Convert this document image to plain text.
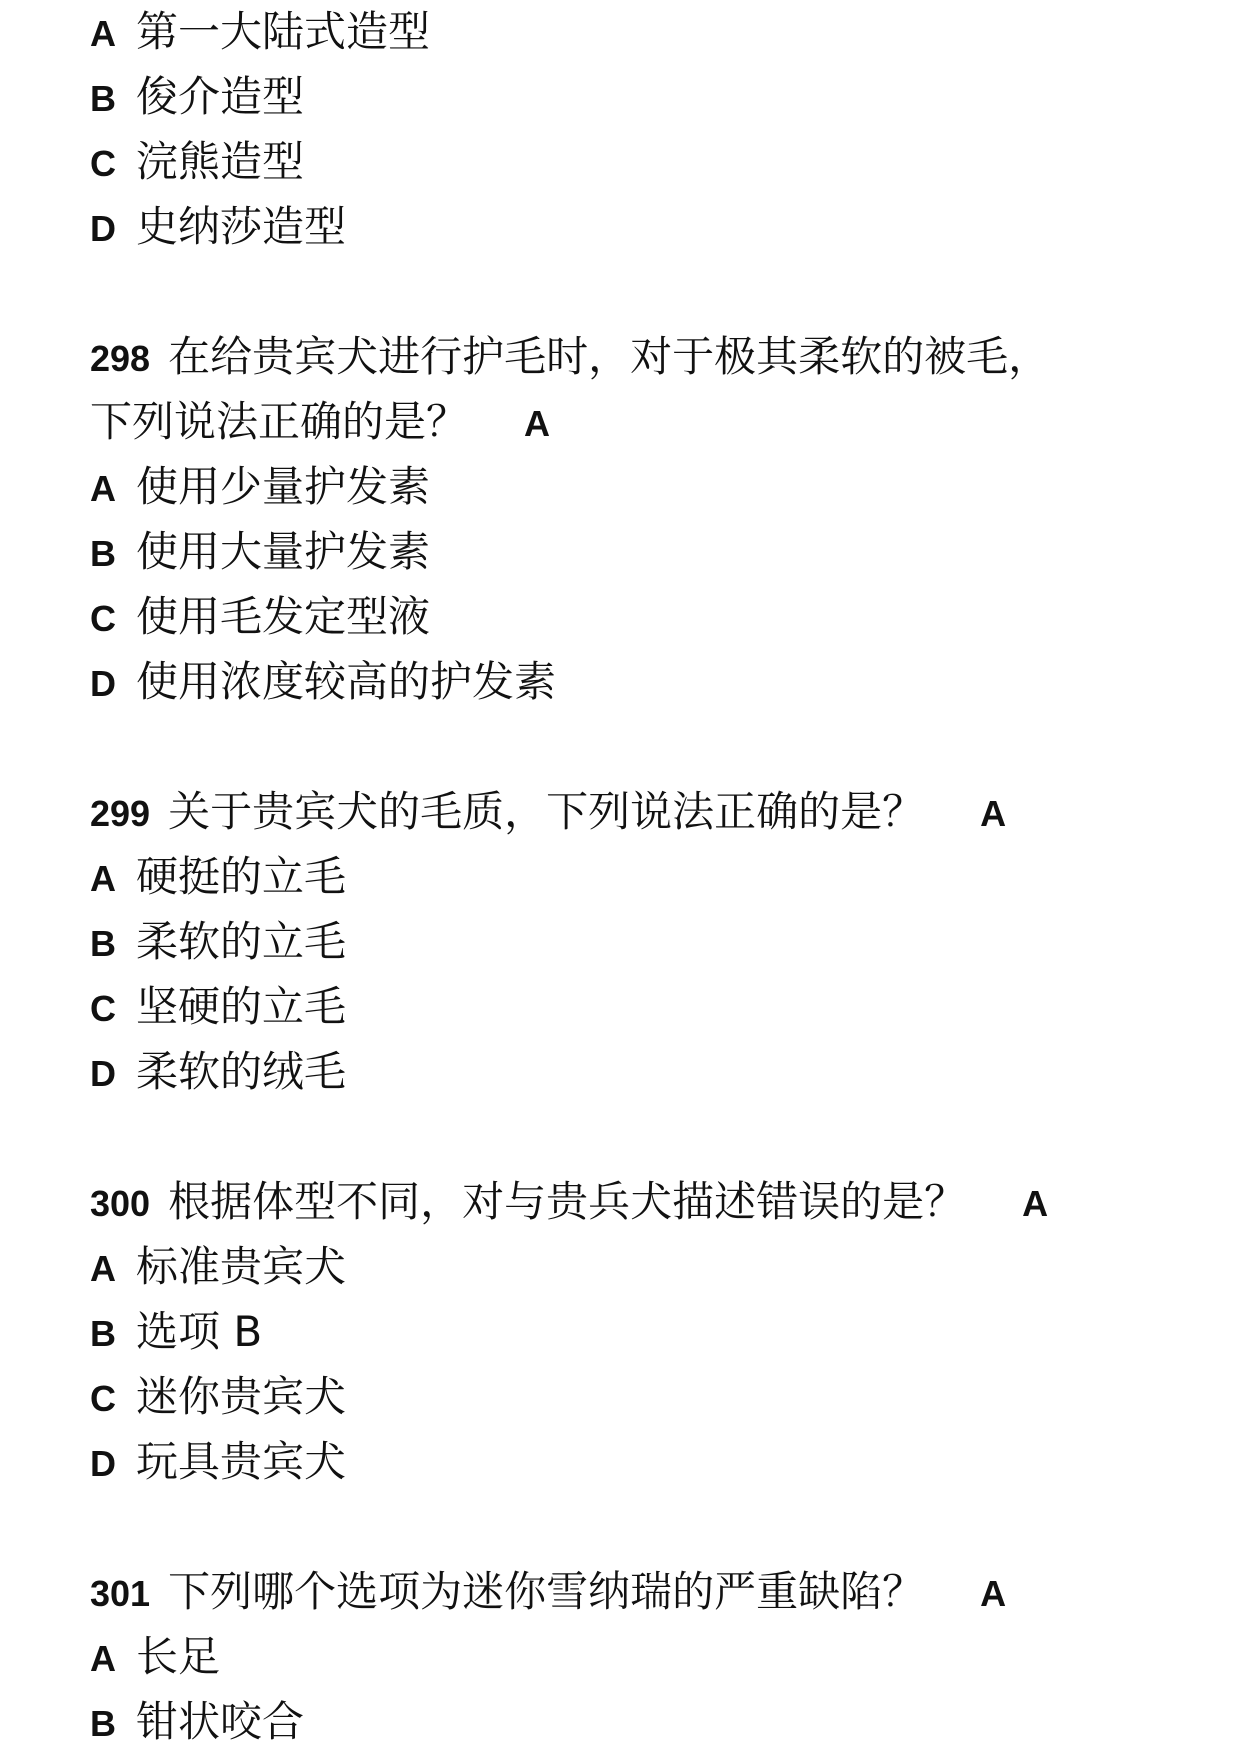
A 第一大陆式造型
B 俊介造型
C 浣熊造型
D 史纳莎造型
298 在给贵宾犬进行护毛时，对于极其柔软的被毛，
下列说法正确的是？ A
A 使用少量护发素
B 使用大量护发素
C 使用毛发定型液
D 使用浓度较高的护发素
299 关于贵宾犬的毛质，下列说法正确的是？ A
A 硬挺的立毛
B 柔软的立毛
C 坚硬的立毛
D 柔软的绒毛
300 根据体型不同，对与贵兵犬描述错误的是？ A
A 标准贵宾犬
B 选项 B
C 迷你贵宾犬
D 玩具贵宾犬
301 下列哪个选项为迷你雪纳瑞的严重缺陷？ A
A 长足
B 钳状咬合
